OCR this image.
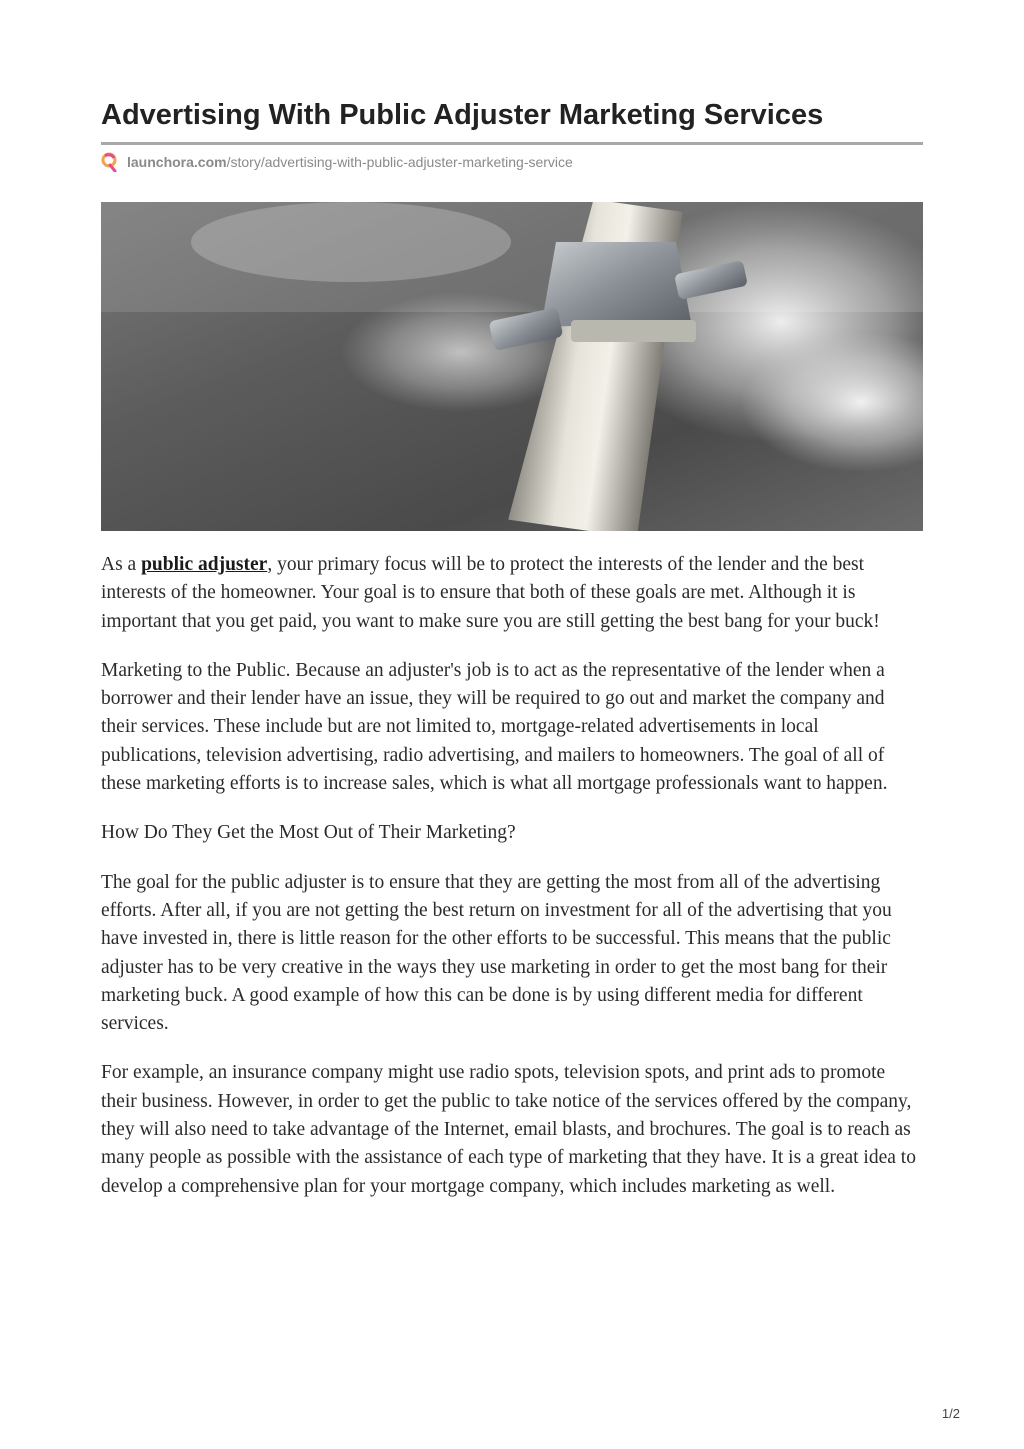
Advertising With Public Adjuster Marketing Services
launchora.com/story/advertising-with-public-adjuster-marketing-service

As a public adjuster, your primary focus will be to protect the interests of the lender and the best interests of the homeowner. Your goal is to ensure that both of these goals are met. Although it is important that you get paid, you want to make sure you are still getting the best bang for your buck!

Marketing to the Public. Because an adjuster's job is to act as the representative of the lender when a borrower and their lender have an issue, they will be required to go out and market the company and their services. These include but are not limited to, mortgage-related advertisements in local publications, television advertising, radio advertising, and mailers to homeowners. The goal of all of these marketing efforts is to increase sales, which is what all mortgage professionals want to happen.

How Do They Get the Most Out of Their Marketing?

The goal for the public adjuster is to ensure that they are getting the most from all of the advertising efforts. After all, if you are not getting the best return on investment for all of the advertising that you have invested in, there is little reason for the other efforts to be successful. This means that the public adjuster has to be very creative in the ways they use marketing in order to get the most bang for their marketing buck. A good example of how this can be done is by using different media for different services.

For example, an insurance company might use radio spots, television spots, and print ads to promote their business. However, in order to get the public to take notice of the services offered by the company, they will also need to take advantage of the Internet, email blasts, and brochures. The goal is to reach as many people as possible with the assistance of each type of marketing that they have. It is a great idea to develop a comprehensive plan for your mortgage company, which includes marketing as well.

1/2
